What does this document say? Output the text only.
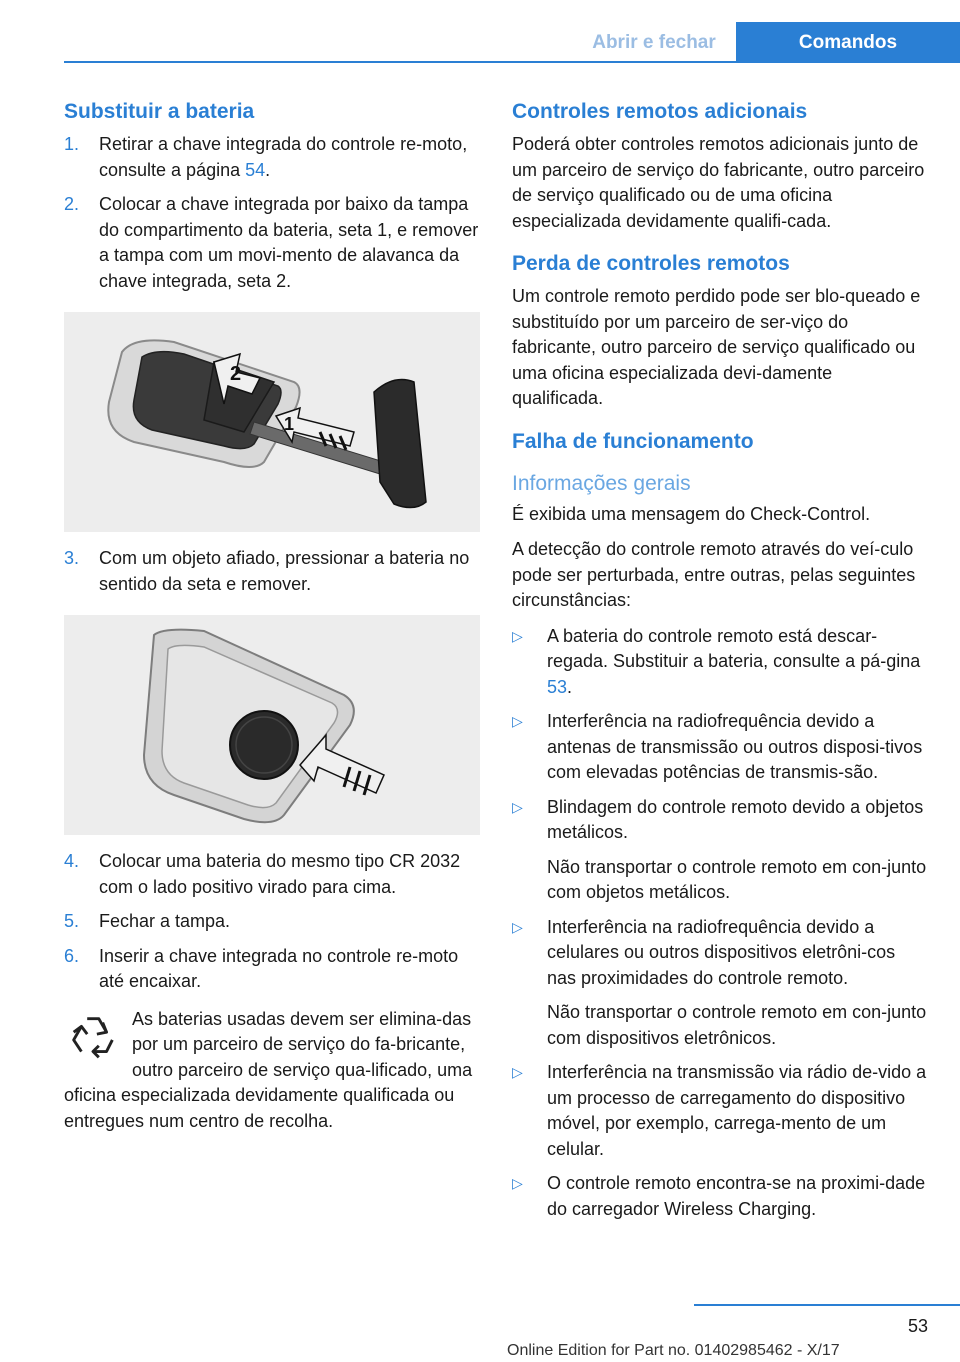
Abrir e fechar	Comandos
Substituir a bateria
1. Retirar a chave integrada do controle re‐moto, consulte a página 54.
2. Colocar a chave integrada por baixo da tampa do compartimento da bateria, seta 1, e remover a tampa com um movi‐mento de alavanca da chave integrada, seta 2.
2
1
3. Com um objeto afiado, pressionar a bateria no sentido da seta e remover.
4. Colocar uma bateria do mesmo tipo CR 2032 com o lado positivo virado para cima.
5. Fechar a tampa.
6. Inserir a chave integrada no controle re‐moto até encaixar.
As baterias usadas devem ser elimina‐das por um parceiro de serviço do fa‐bricante, outro parceiro de serviço qua‐lificado, uma oficina especializada devidamente qualificada ou entregues num centro de recolha.
Controles remotos adicionais

Poderá obter controles remotos adicionais junto de um parceiro de serviço do fabricante, outro parceiro de serviço qualificado ou de uma oficina especializada devidamente qualifi‐cada.

Perda de controles remotos

Um controle remoto perdido pode ser blo‐queado e substituído por um parceiro de ser‐viço do fabricante, outro parceiro de serviço qualificado ou uma oficina especializada devi‐damente qualificada.

Falha de funcionamento
Informações gerais

É exibida uma mensagem do Check-Control.

A detecção do controle remoto através do veí‐culo pode ser perturbada, entre outras, pelas seguintes circunstâncias:

▷ A bateria do controle remoto está descar‐regada. Substituir a bateria, consulte a pá‐gina 53.

▷ Interferência na radiofrequência devido a antenas de transmissão ou outros disposi‐tivos com elevadas potências de transmis‐são.

▷ Blindagem do controle remoto devido a objetos metálicos.

Não transportar o controle remoto em con‐junto com objetos metálicos.

▷ Interferência na radiofrequência devido a celulares ou outros dispositivos eletrôni‐cos nas proximidades do controle remoto.

Não transportar o controle remoto em con‐junto com dispositivos eletrônicos.

▷ Interferência na transmissão via rádio de‐vido a um processo de carregamento do dispositivo móvel, por exemplo, carrega‐mento de um celular.

▷ O controle remoto encontra-se na proximi‐dade do carregador Wireless Charging.

53
Online Edition for Part no. 01402985462 - X/17
